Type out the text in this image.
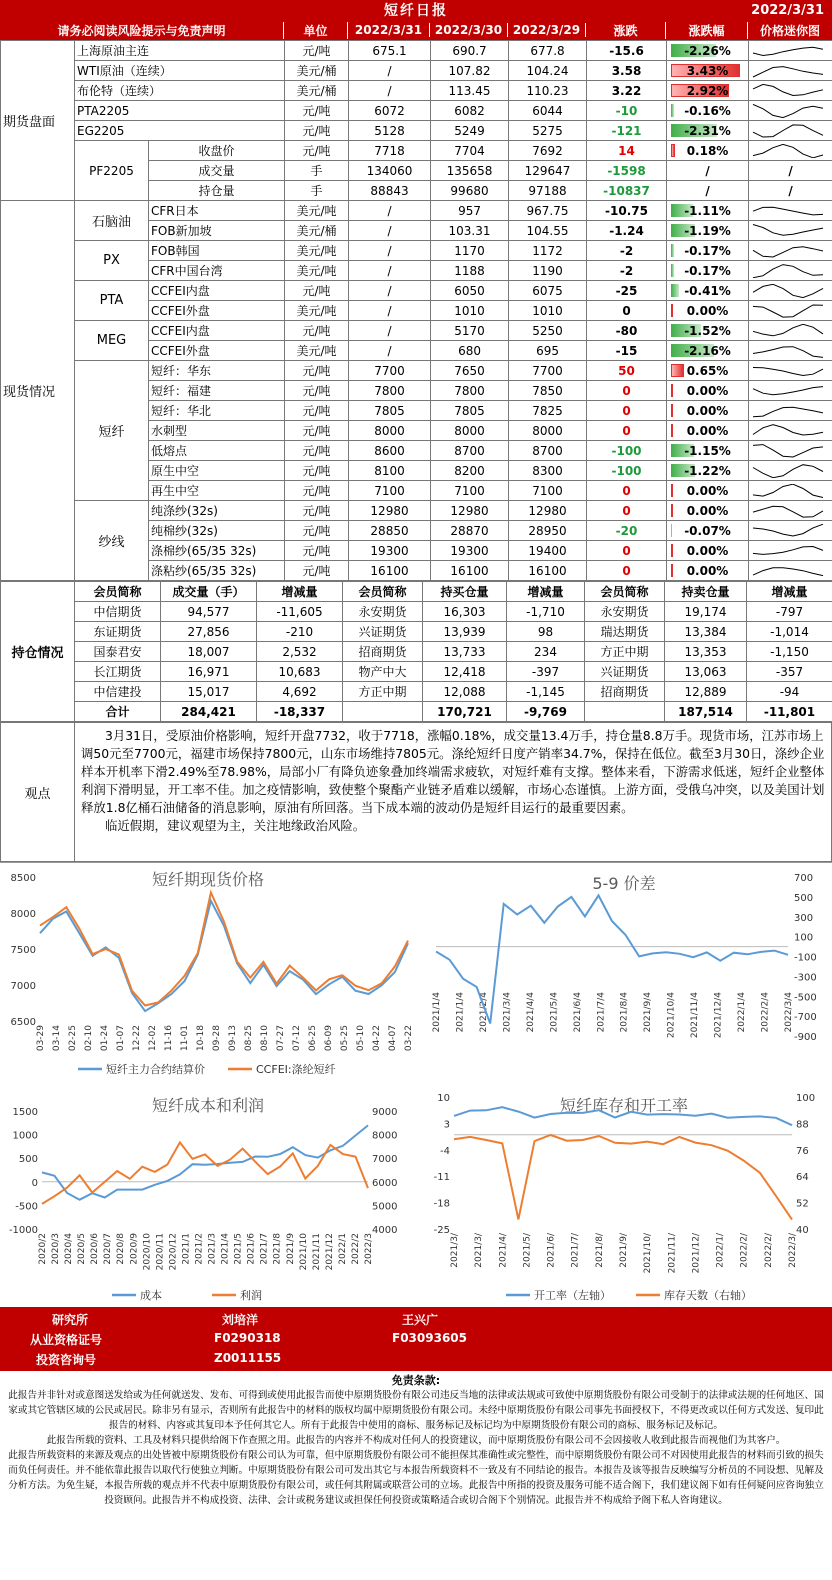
短纤日报	2022/3/31
请务必阅读风险提示与免责声明	单位	2022/3/31	2022/3/30 2022/3/29	涨跌	涨跌幅	价格迷你图
期货盘面	上海原油主连		元/吨	675.1	690.7	677.8	-15.6	-2.26%	

	WTI原油（连续）		美元/桶	/	107.82	104.24	3.58	3.43%	

	布伦特（连续）		美元/桶	/	113.45	110.23	3.22	2.92%	

	PTA2205		元/吨	6072	6082	6044	-10	-0.16%	

	EG2205		元/吨	5128	5249	5275	-121	-2.31%	

	PF2205	收盘价	元/吨	7718	7704	7692	14	0.18%	

		成交量	手	134060	135658	129647	-1598	/	/
		持仓量	手	88843	99680	97188	-10837	/	/
现货情况	石脑油	CFR日本	美元/吨	/	957	967.75	-10.75	-1.11%	

		FOB新加坡	美元/桶	/	103.31	104.55	-1.24	-1.19%	

	PX	FOB韩国	美元/吨	/	1170	1172	-2	-0.17%	

		CFR中国台湾	美元/吨	/	1188	1190	-2	-0.17%	

	PTA	CCFEI内盘	元/吨	/	6050	6075	-25	-0.41%	

		CCFEI外盘	美元/吨	/	1010	1010	0	0.00%	

	MEG	CCFEI内盘	元/吨	/	5170	5250	-80	-1.52%	

		CCFEI外盘	美元/吨	/	680	695	-15	-2.16%	

	短纤	短纤：华东	元/吨	7700	7650	7700	50	0.65%	

		短纤：福建	元/吨	7800	7800	7850	0	0.00%	

		短纤：华北	元/吨	7805	7805	7825	0	0.00%	

		水刺型	元/吨	8000	8000	8000	0	0.00%	

		低熔点	元/吨	8600	8700	8700	-100	-1.15%	

		原生中空	元/吨	8100	8200	8300	-100	-1.22%	

		再生中空	元/吨	7100	7100	7100	0	0.00%	

	纱线	纯涤纱(32s)	元/吨	12980	12980	12980	0	0.00%	

		纯棉纱(32s)	元/吨	28850	28870	28950	-20	-0.07%	

		涤棉纱(65/35 32s)	元/吨	19300	19300	19400	0	0.00%	

		涤粘纱(65/35 32s)	元/吨	16100	16100	16100	0	0.00%	
持仓情况	会员简称	成交量（手）	增减量	会员简称	持买仓量	增减量	会员简称	持卖仓量	增减量
	中信期货	94,577	-11,605	永安期货	16,303	-1,710	永安期货	19,174	-797
	东证期货	27,856	-210	兴证期货	13,939	98	瑞达期货	13,384	-1,014
	国泰君安	18,007	2,532	招商期货	13,733	234	方正中期	13,353	-1,150
	长江期货	16,971	10,683	物产中大	12,418	-397	兴证期货	13,063	-357
	中信建投	15,017	4,692	方正中期	12,088	-1,145	招商期货	12,889	-94
	合计	284,421	-18,337		170,721	-9,769		187,514	-11,801
观点

3月31日，受原油价格影响，短纤开盘7732，收于7718，涨幅0.18%，成交量13.4万手，持仓量8.8万手。现货市场，江苏市场上调50元至7700元，福建市场保持7800元，山东市场维持7805元。涤纶短纤日度产销率34.7%，保持在低位。截至3月30日，涤纱企业样本开机率下滑2.49%至78.98%，局部小厂有降负迹象叠加终端需求疲软，对短纤难有支撑。整体来看，下游需求低迷，短纤企业整体利润下滑明显，开工率不佳。加之疫情影响，致使整个聚酯产业链矛盾难以缓解，市场心态谨慎。上游方面，受俄乌冲突，以及美国计划释放1.8亿桶石油储备的消息影响，原油有所回落。当下成本端的波动仍是短纤目运行的最重要因素。

临近假期，建议观望为主，关注地缘政治风险。

短纤期现货价格
6500
7000
7500
8000
8500
03-29 03-14 02-25 02-10 01-24 01-07 12-22 12-02 11-16 11-01 10-18 09-28 09-13 08-25 08-10 07-27 07-12 06-25 06-09 05-25 05-10 04-22 04-07 03-22
短纤主力合约结算价	CCFEI:涤纶短纤
5-9 价差	700
500
300
100
-100
-300
-500
-700
-900
2021/1/4 2021/1/4 2021/2/4 2021/3/4 2021/4/4 2021/5/4 2021/6/4 2021/7/4 2021/8/4 2021/9/4 2021/10/4 2021/11/4 2021/12/4 2022/1/4 2022/2/4 2022/3/4
短纤成本和利润
-1000
-500
0
500
1000
1500
4000
5000
6000
7000
8000
9000
2020/2 2020/3 2020/4 2020/5 2020/6 2020/7 2020/8 2020/9 2020/10 2020/11 2020/12 2021/1 2021/2 2021/3 2021/4 2021/5 2021/6 2021/7 2021/8 2021/9 2021/10 2021/11 2021/12 2022/1 2022/2 2022/3
成本	利润
短纤库存和开工率
-25
-18
-11
-4
3
10
40
52
64
76
88
100
2021/3/ 2021/3/ 2021/4/ 2021/5/ 2021/6/ 2021/7/ 2021/8/ 2021/9/ 2021/10/ 2021/11/ 2021/12/ 2022/1/ 2022/2/ 2022/2/ 2022/3/
开工率（左轴）	库存天数（右轴）
研究所	刘培洋	王兴广
从业资格证号	F0290318	F03093605
投资咨询号	Z0011155
免责条款:

此报告并非针对或意图送发给或为任何就送发、发布、可得到或使用此报告而使中原期货股份有限公司违反当地的法律或法规或可致使中原期货股份有限公司受制于的法律或法规的任何地区、国家或其它管辖区域的公民或居民。除非另有显示，否则所有此报告中的材料的版权均属中原期货股份有限公司。未经中原期货股份有限公司事先书面授权下，不得更改或以任何方式发送、复印此报告的材料、内容或其复印本予任何其它人。所有于此报告中使用的商标、服务标记及标记均为中原期货股份有限公司的商标、服务标记及标记。

此报告所载的资料、工具及材料只提供给阁下作查照之用。此报告的内容并不构成对任何人的投资建议，而中原期货股份有限公司不会因接收人收到此报告而视他们为其客户。

此报告所载资料的来源及观点的出处皆被中原期货股份有限公司认为可靠，但中原期货股份有限公司不能担保其准确性或完整性，而中原期货股份有限公司不对因使用此报告的材料而引致的损失而负任何责任。并不能依靠此报告以取代行使独立判断。中原期货股份有限公司可发出其它与本报告所载资料不一致及有不同结论的报告。本报告及该等报告反映编写分析员的不同设想、见解及分析方法。为免生疑，本报告所载的观点并不代表中原期货股份有限公司，或任何其附属或联营公司的立场。此报告中所指的投资及服务可能不适合阁下，我们建议阁下如有任何疑问应咨询独立投资顾问。此报告并不构成投资、法律、会计或税务建议或担保任何投资或策略适合或切合阁下个别情况。此报告并不构成给予阁下私人咨询建议。
